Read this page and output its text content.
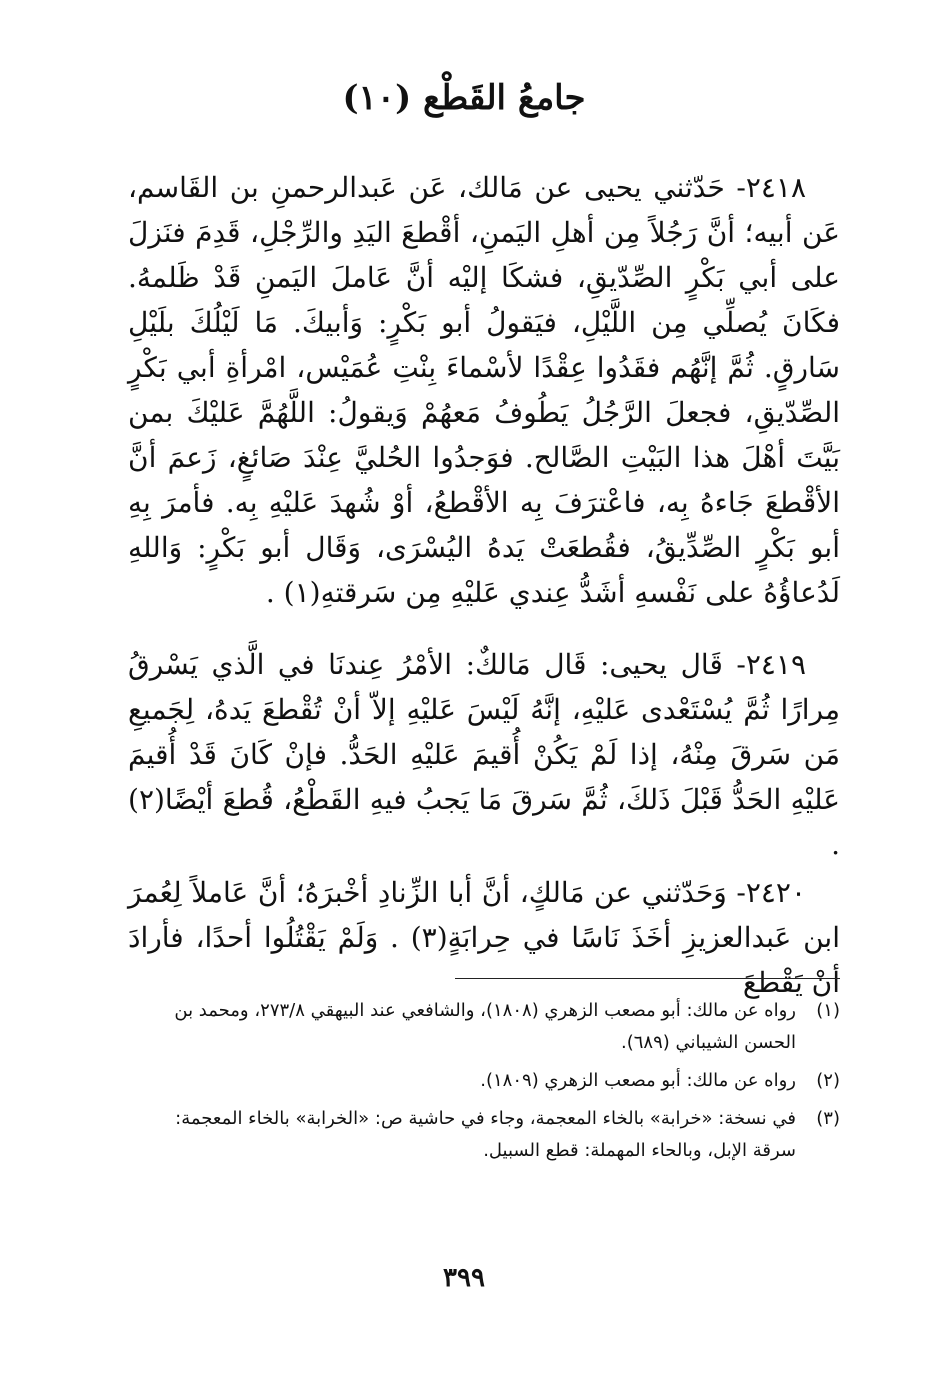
(١٠) جامعُ القَطْع

٢٤١٨- حَدّثني يحيى عن مَالك، عَن عَبدالرحمنِ بن القَاسم، عَن أبيه؛ أنَّ رَجُلاً مِن أهلِ اليَمنِ، أقْطعَ اليَدِ والرِّجْلِ، قَدِمَ فنَزلَ على أبي بَكْرٍ الصِّدّيقِ، فشكَا إليْه أنَّ عَاملَ اليَمنِ قَدْ ظَلمهُ. فكَانَ يُصلِّي مِن اللَّيْلِ، فيَقولُ أبو بَكْرٍ: وَأبيكَ. مَا لَيْلُكَ بلَيْلِ سَارقٍ. ثُمَّ إنَّهُم فقَدُوا عِقْدًا لأسْماءَ بِنْتِ عُمَيْس، امْرأةِ أبي بَكْرٍ الصِّدّيقِ، فجعلَ الرَّجُلُ يَطُوفُ مَعهُمْ وَيقولُ: اللَّهُمَّ عَليْكَ بمن بَيَّتَ أهْلَ هذا البَيْتِ الصَّالح. فوَجدُوا الحُليَّ عِنْدَ صَائغٍ، زَعمَ أنَّ الأقْطعَ جَاءهُ بِه، فاعْترَفَ بِه الأقْطعُ، أوْ شُهدَ عَليْهِ بِه. فأمرَ بِهِ أبو بَكْرٍ الصِّدِّيقُ، فقُطعَتْ يَدهُ اليُسْرَى، وَقَال أبو بَكْرٍ: وَاللهِ لَدُعاؤُهُ على نَفْسهِ أشَدُّ عِندي عَليْهِ مِن سَرقتهِ(١) .

٢٤١٩- قَال يحيى: قَال مَالكٌ: الأمْرُ عِندنَا في الَّذي يَسْرقُ مِرارًا ثُمَّ يُسْتَعْدى عَليْهِ، إنَّهُ لَيْسَ عَليْهِ إلاّ أنْ تُقْطعَ يَدهُ، لِجَميعِ مَن سَرقَ مِنْهُ، إذا لَمْ يَكُنْ أُقيمَ عَليْهِ الحَدُّ. فإنْ كَانَ قَدْ أُقيمَ عَليْهِ الحَدُّ قَبْلَ ذَلكَ، ثُمَّ سَرقَ مَا يَجبُ فيهِ القَطْعُ، قُطعَ أيْضًا(٢) .

٢٤٢٠- وَحَدّثني عن مَالكٍ، أنَّ أبا الزِّنادِ أخْبرَهُ؛ أنَّ عَاملاً لِعُمرَ ابن عَبدالعزيزِ أخَذَ نَاسًا في حِرابَةٍ(٣) . وَلَمْ يَقْتُلُوا أحدًا، فأرادَ أنْ يَقْطعَ

(١)
رواه عن مالك: أبو مصعب الزهري (١٨٠٨)، والشافعي عند البيهقي ٢٧٣/٨، ومحمد بن الحسن الشيباني (٦٨٩).

(٢)
رواه عن مالك: أبو مصعب الزهري (١٨٠٩).

(٣)
في نسخة: «خرابة» بالخاء المعجمة، وجاء في حاشية ص: «الخرابة» بالخاء المعجمة: سرقة الإبل، وبالحاء المهملة: قطع السبيل.

٣٩٩
